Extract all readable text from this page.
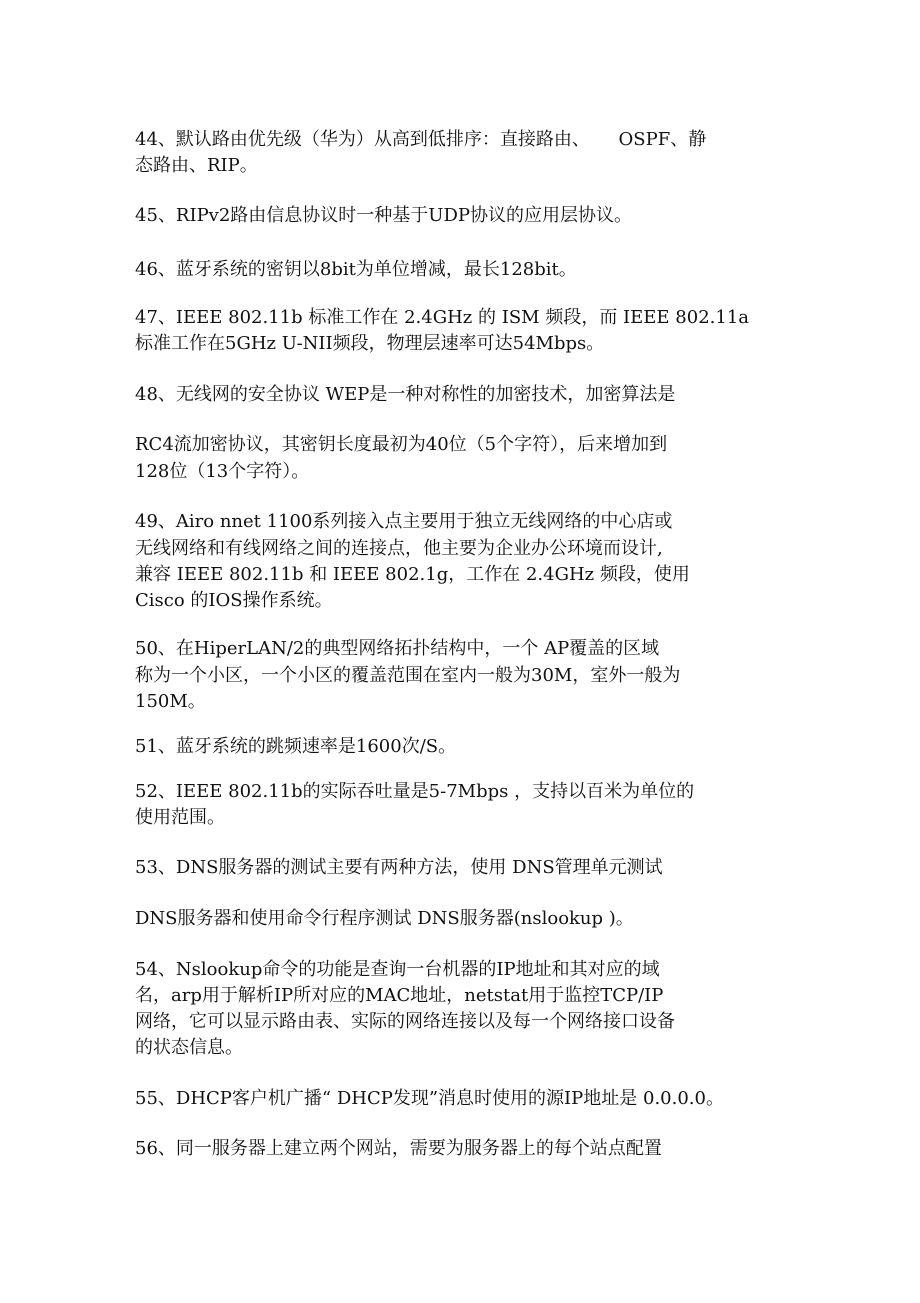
44、默认路由优先级（华为）从高到低排序：直接路由、     OSPF、静

态路由、RIP。

45、RIPv2路由信息协议时一种基于UDP协议的应用层协议。

46、蓝牙系统的密钥以8bit为单位增减，最长128bit。

47、IEEE 802.11b 标准工作在 2.4GHz 的 ISM 频段，而 IEEE 802.11a

标准工作在5GHz U-NII频段，物理层速率可达54Mbps。

48、无线网的安全协议 WEP是一种对称性的加密技术，加密算法是

RC4流加密协议，其密钥长度最初为40位（5个字符），后来增加到

128位（13个字符）。

49、Airo nnet 1100系列接入点主要用于独立无线网络的中心店或

无线网络和有线网络之间的连接点，他主要为企业办公环境而设计,

兼容 IEEE 802.11b 和 IEEE 802.1g，工作在 2.4GHz 频段，使用

Cisco 的IOS操作系统。

50、在HiperLAN/2的典型网络拓扑结构中，一个 AP覆盖的区域

称为一个小区，一个小区的覆盖范围在室内一般为30M，室外一般为

150M。

51、蓝牙系统的跳频速率是1600次/S。

52、IEEE 802.11b的实际吞吐量是5-7Mbps ，支持以百米为单位的

使用范围。

53、DNS服务器的测试主要有两种方法，使用 DNS管理单元测试

DNS服务器和使用命令行程序测试 DNS服务器(nslookup )。

54、Nslookup命令的功能是查询一台机器的IP地址和其对应的域

名，arp用于解析IP所对应的MAC地址，netstat用于监控TCP/IP

网络，它可以显示路由表、实际的网络连接以及每一个网络接口设备

的状态信息。

55、DHCP客户机广播“ DHCP发现”消息时使用的源IP地址是 0.0.0.0。

56、同一服务器上建立两个网站，需要为服务器上的每个站点配置
